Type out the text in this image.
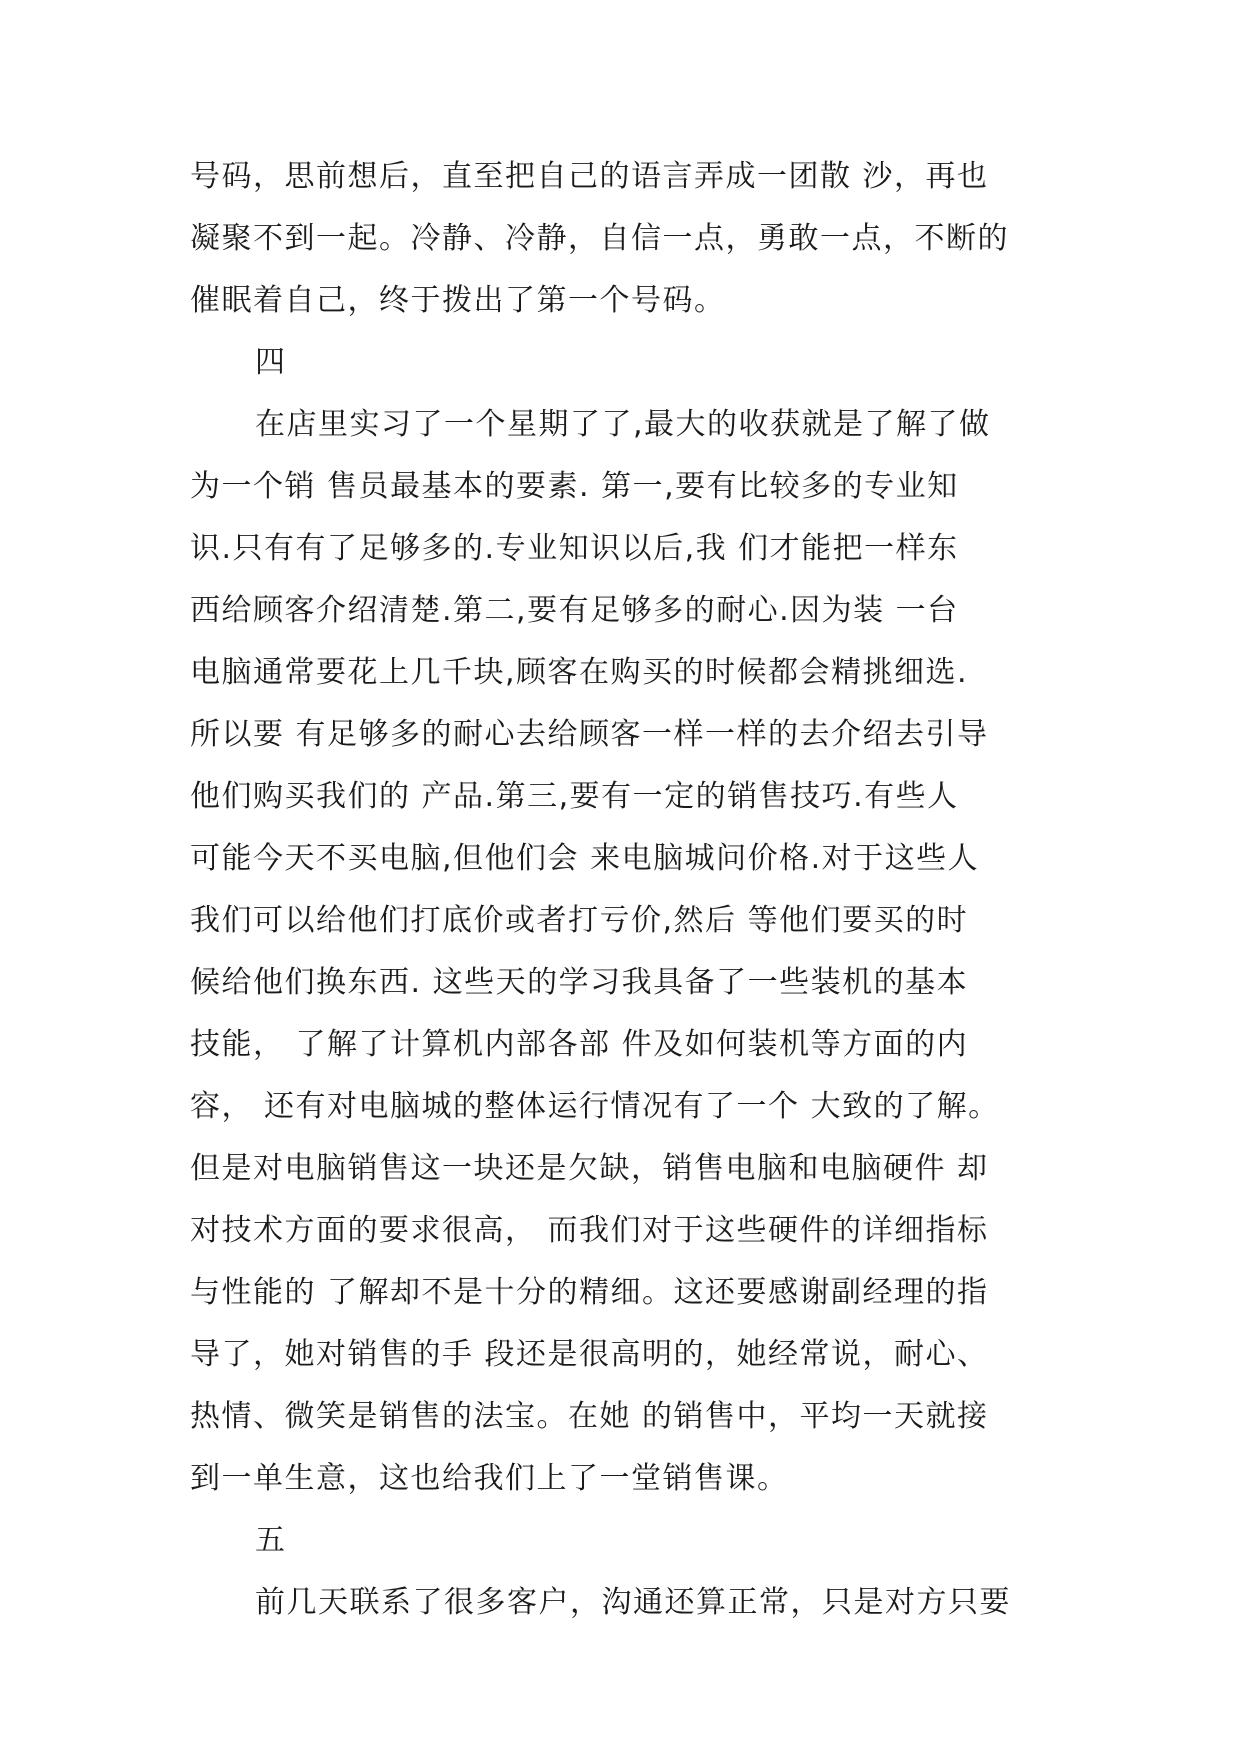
号码，思前想后，直至把自己的语言弄成一团散 沙，再也

凝聚不到一起。冷静、冷静，自信一点，勇敢一点，不断的

催眠着自己，终于拨出了第一个号码。

四

在店里实习了一个星期了了,最大的收获就是了解了做

为一个销 售员最基本的要素. 第一,要有比较多的专业知

识.只有有了足够多的.专业知识以后,我 们才能把一样东

西给顾客介绍清楚.第二,要有足够多的耐心.因为装 一台

电脑通常要花上几千块,顾客在购买的时候都会精挑细选.

所以要 有足够多的耐心去给顾客一样一样的去介绍去引导

他们购买我们的 产品.第三,要有一定的销售技巧.有些人

可能今天不买电脑,但他们会 来电脑城问价格.对于这些人

我们可以给他们打底价或者打亏价,然后 等他们要买的时

候给他们换东西. 这些天的学习我具备了一些装机的基本

技能， 了解了计算机内部各部 件及如何装机等方面的内

容， 还有对电脑城的整体运行情况有了一个 大致的了解。

但是对电脑销售这一块还是欠缺，销售电脑和电脑硬件 却

对技术方面的要求很高， 而我们对于这些硬件的详细指标

与性能的 了解却不是十分的精细。这还要感谢副经理的指

导了，她对销售的手 段还是很高明的，她经常说，耐心、

热情、微笑是销售的法宝。在她 的销售中，平均一天就接

到一单生意，这也给我们上了一堂销售课。

五

前几天联系了很多客户，沟通还算正常，只是对方只要
